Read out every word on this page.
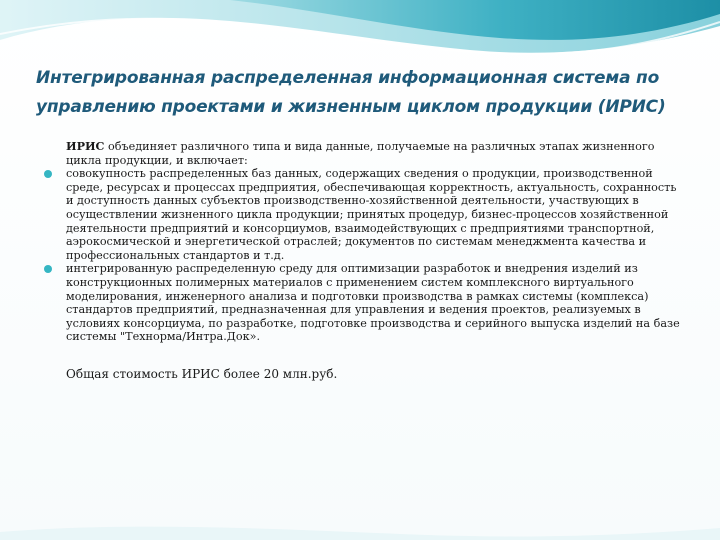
Интегрированная распределенная информационная система по управлению проектами и жизненным циклом продукции (ИРИС)

ИРИС объединяет различного типа и вида данные, получаемые на различных этапах жизненного цикла продукции, и включает:

совокупность распределенных баз данных, содержащих сведения о продукции, производственной среде, ресурсах и процессах предприятия, обеспечивающая корректность, актуальность, сохранность и доступность данных субъектов производственно-хозяйственной деятельности, участвующих в осуществлении жизненного цикла продукции; принятых процедур, бизнес-процессов хозяйственной деятельности предприятий и консорциумов, взаимодействующих с предприятиями транспортной, аэрокосмической и энергетической отраслей; документов по системам менеджмента качества и профессиональных стандартов и т.д.
интегрированную распределенную среду для оптимизации разработок и внедрения изделий из конструкционных полимерных материалов с применением систем комплексного виртуального моделирования, инженерного анализа и подготовки производства в рамках системы (комплекса) стандартов предприятий, предназначенная для управления и ведения проектов, реализуемых в условиях консорциума, по разработке, подготовке производства и серийного выпуска изделий на базе системы "Технорма/Интра.Док».

Общая стоимость ИРИС более 20 млн.руб.
